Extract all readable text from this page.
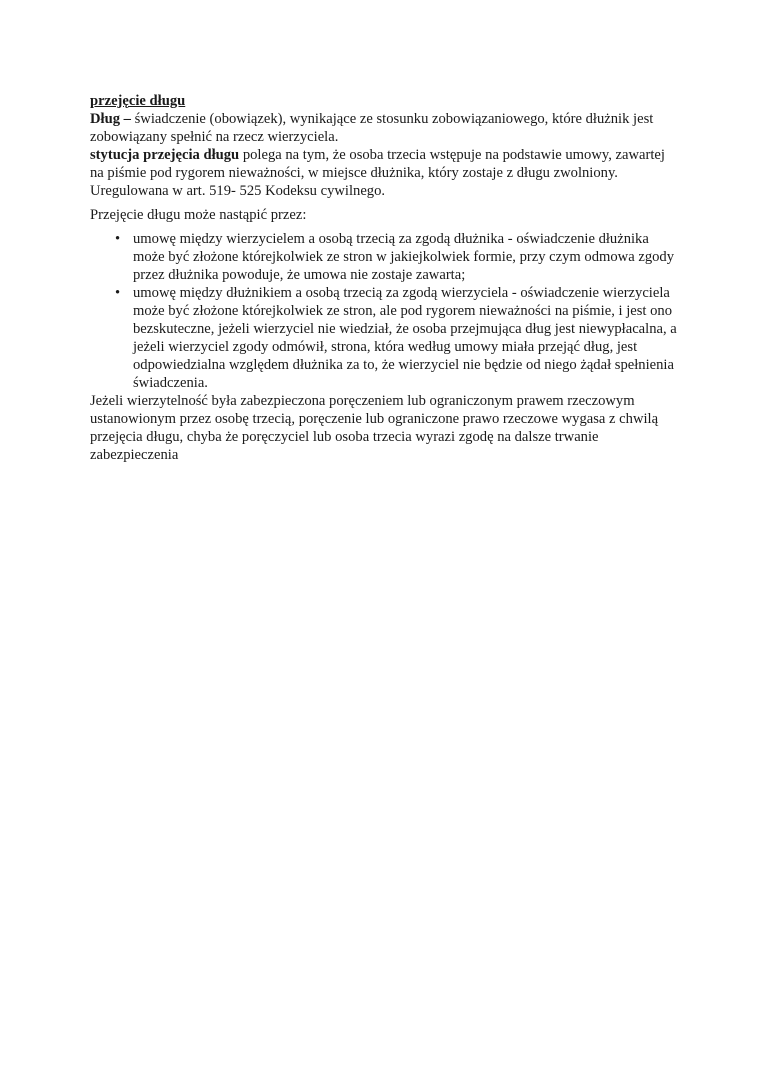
przejęcie długu

Dług – świadczenie (obowiązek), wynikające ze stosunku zobowiązaniowego, które dłużnik jest zobowiązany spełnić na rzecz wierzyciela.

stytucja przejęcia długu polega na tym, że osoba trzecia wstępuje na podstawie umowy, zawartej na piśmie pod rygorem nieważności, w miejsce dłużnika, który zostaje z długu zwolniony. Uregulowana w art. 519- 525 Kodeksu cywilnego.

Przejęcie długu może nastąpić przez:

• umowę między wierzycielem a osobą trzecią za zgodą dłużnika - oświadczenie dłużnika może być złożone którejkolwiek ze stron w jakiejkolwiek formie, przy czym odmowa zgody przez dłużnika powoduje, że umowa nie zostaje zawarta;
• umowę między dłużnikiem a osobą trzecią za zgodą wierzyciela - oświadczenie wierzyciela może być złożone którejkolwiek ze stron, ale pod rygorem nieważności na piśmie, i jest ono bezskuteczne, jeżeli wierzyciel nie wiedział, że osoba przejmująca dług jest niewypłacalna, a jeżeli wierzyciel zgody odmówił, strona, która według umowy miała przejąć dług, jest odpowiedzialna względem dłużnika za to, że wierzyciel nie będzie od niego żądał spełnienia świadczenia.

Jeżeli wierzytelność była zabezpieczona poręczeniem lub ograniczonym prawem rzeczowym ustanowionym przez osobę trzecią, poręczenie lub ograniczone prawo rzeczowe wygasa z chwilą przejęcia długu, chyba że poręczyciel lub osoba trzecia wyrazi zgodę na dalsze trwanie zabezpieczenia
